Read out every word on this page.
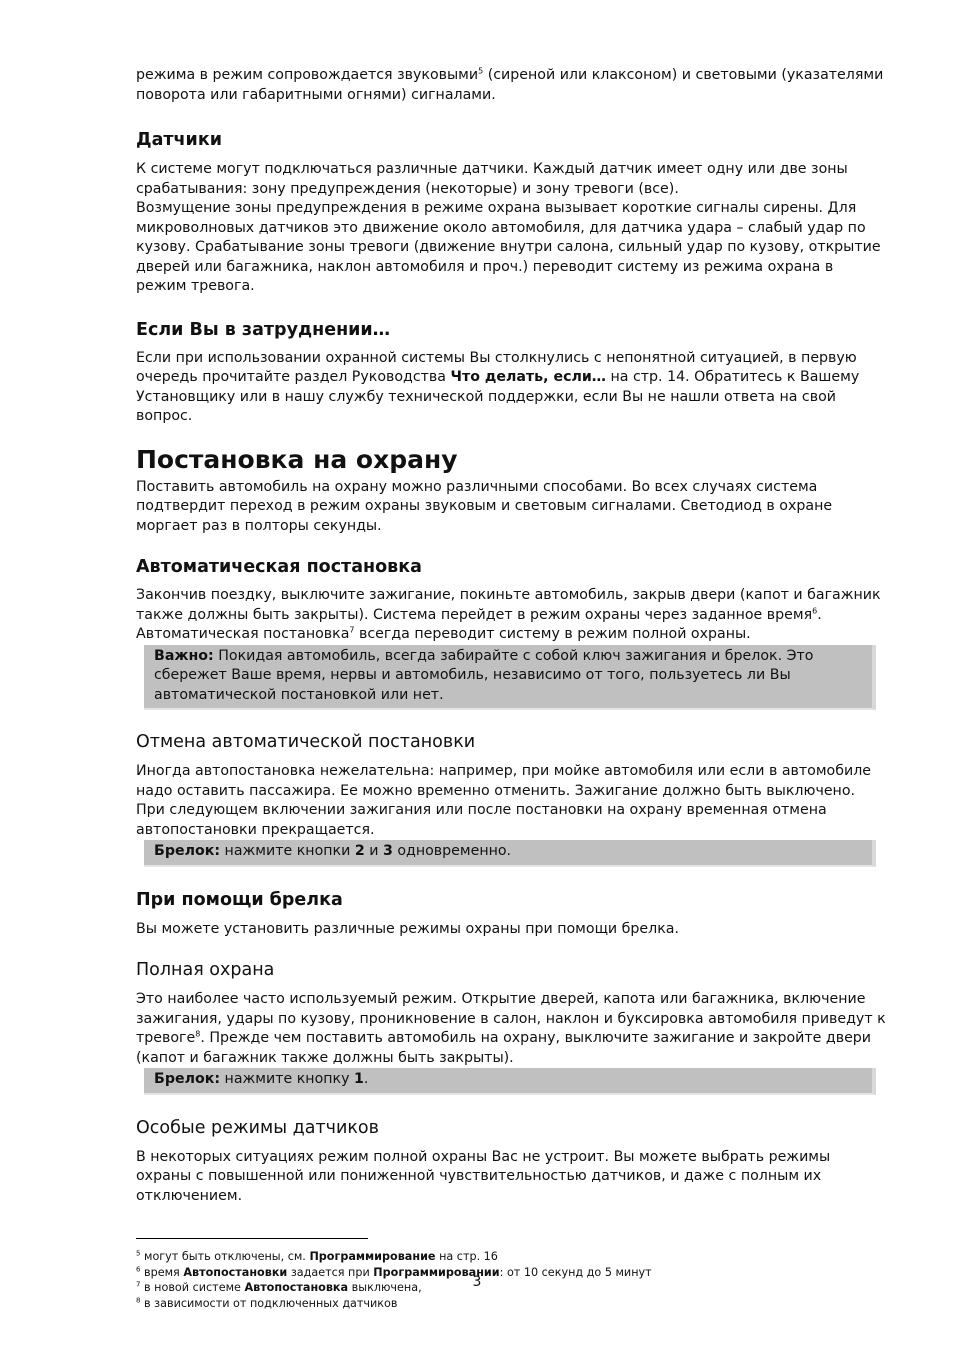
режима в режим сопровождается звуковыми$^5$ (сиреной или клаксоном) и световыми (указателями поворота или габаритными огнями) сигналами.

Датчики

К системе могут подключаться различные датчики. Каждый датчик имеет одну или две зоны срабатывания: зону предупреждения (некоторые) и зону тревоги (все).

Возмущение зоны предупреждения в режиме охрана вызывает короткие сигналы сирены. Для микроволновых датчиков это движение около автомобиля, для датчика удара – слабый удар по кузову. Срабатывание зоны тревоги (движение внутри салона, сильный удар по кузову, открытие дверей или багажника, наклон автомобиля и проч.) переводит систему из режима охрана в режим тревога.

Если Вы в затруднении…

Если при использовании охранной системы Вы столкнулись с непонятной ситуацией, в первую очередь прочитайте раздел Руководства Что делать, если… на стр. 14. Обратитесь к Вашему Установщику или в нашу службу технической поддержки, если Вы не нашли ответа на свой вопрос.

Постановка на охрану

Поставить автомобиль на охрану можно различными способами. Во всех случаях система подтвердит переход в режим охраны звуковым и световым сигналами. Светодиод в охране моргает раз в полторы секунды.

Автоматическая постановка

Закончив поездку, выключите зажигание, покиньте автомобиль, закрыв двери (капот и багажник также должны быть закрыты). Система перейдет в режим охраны через заданное время$^6$. Автоматическая постановка$^7$ всегда переводит систему в режим полной охраны.

Важно: Покидая автомобиль, всегда забирайте с собой ключ зажигания и брелок. Это сбережет Ваше время, нервы и автомобиль, независимо от того, пользуетесь ли Вы автоматической постановкой или нет.

Отмена автоматической постановки

Иногда автопостановка нежелательна: например, при мойке автомобиля или если в автомобиле надо оставить пассажира. Ее можно временно отменить. Зажигание должно быть выключено. При следующем включении зажигания или после постановки на охрану временная отмена автопостановки прекращается.

Брелок: нажмите кнопки 2 и 3 одновременно.

При помощи брелка

Вы можете установить различные режимы охраны при помощи брелка.

Полная охрана

Это наиболее часто используемый режим. Открытие дверей, капота или багажника, включение зажигания, удары по кузову, проникновение в салон, наклон и буксировка автомобиля приведут к тревоге$^8$. Прежде чем поставить автомобиль на охрану, выключите зажигание и закройте двери (капот и багажник также должны быть закрыты).

Брелок: нажмите кнопку 1.

Особые режимы датчиков

В некоторых ситуациях режим полной охраны Вас не устроит. Вы можете выбрать режимы охраны с повышенной или пониженной чувствительностью датчиков, и даже с полным их отключением.

$^5$ могут быть отключены, см. Программирование на стр. 16

$^6$ время Автопостановки задается при Программировании: от 10 секунд до 5 минут

$^7$ в новой системе Автопостановка выключена,

$^8$ в зависимости от подключенных датчиков

3
